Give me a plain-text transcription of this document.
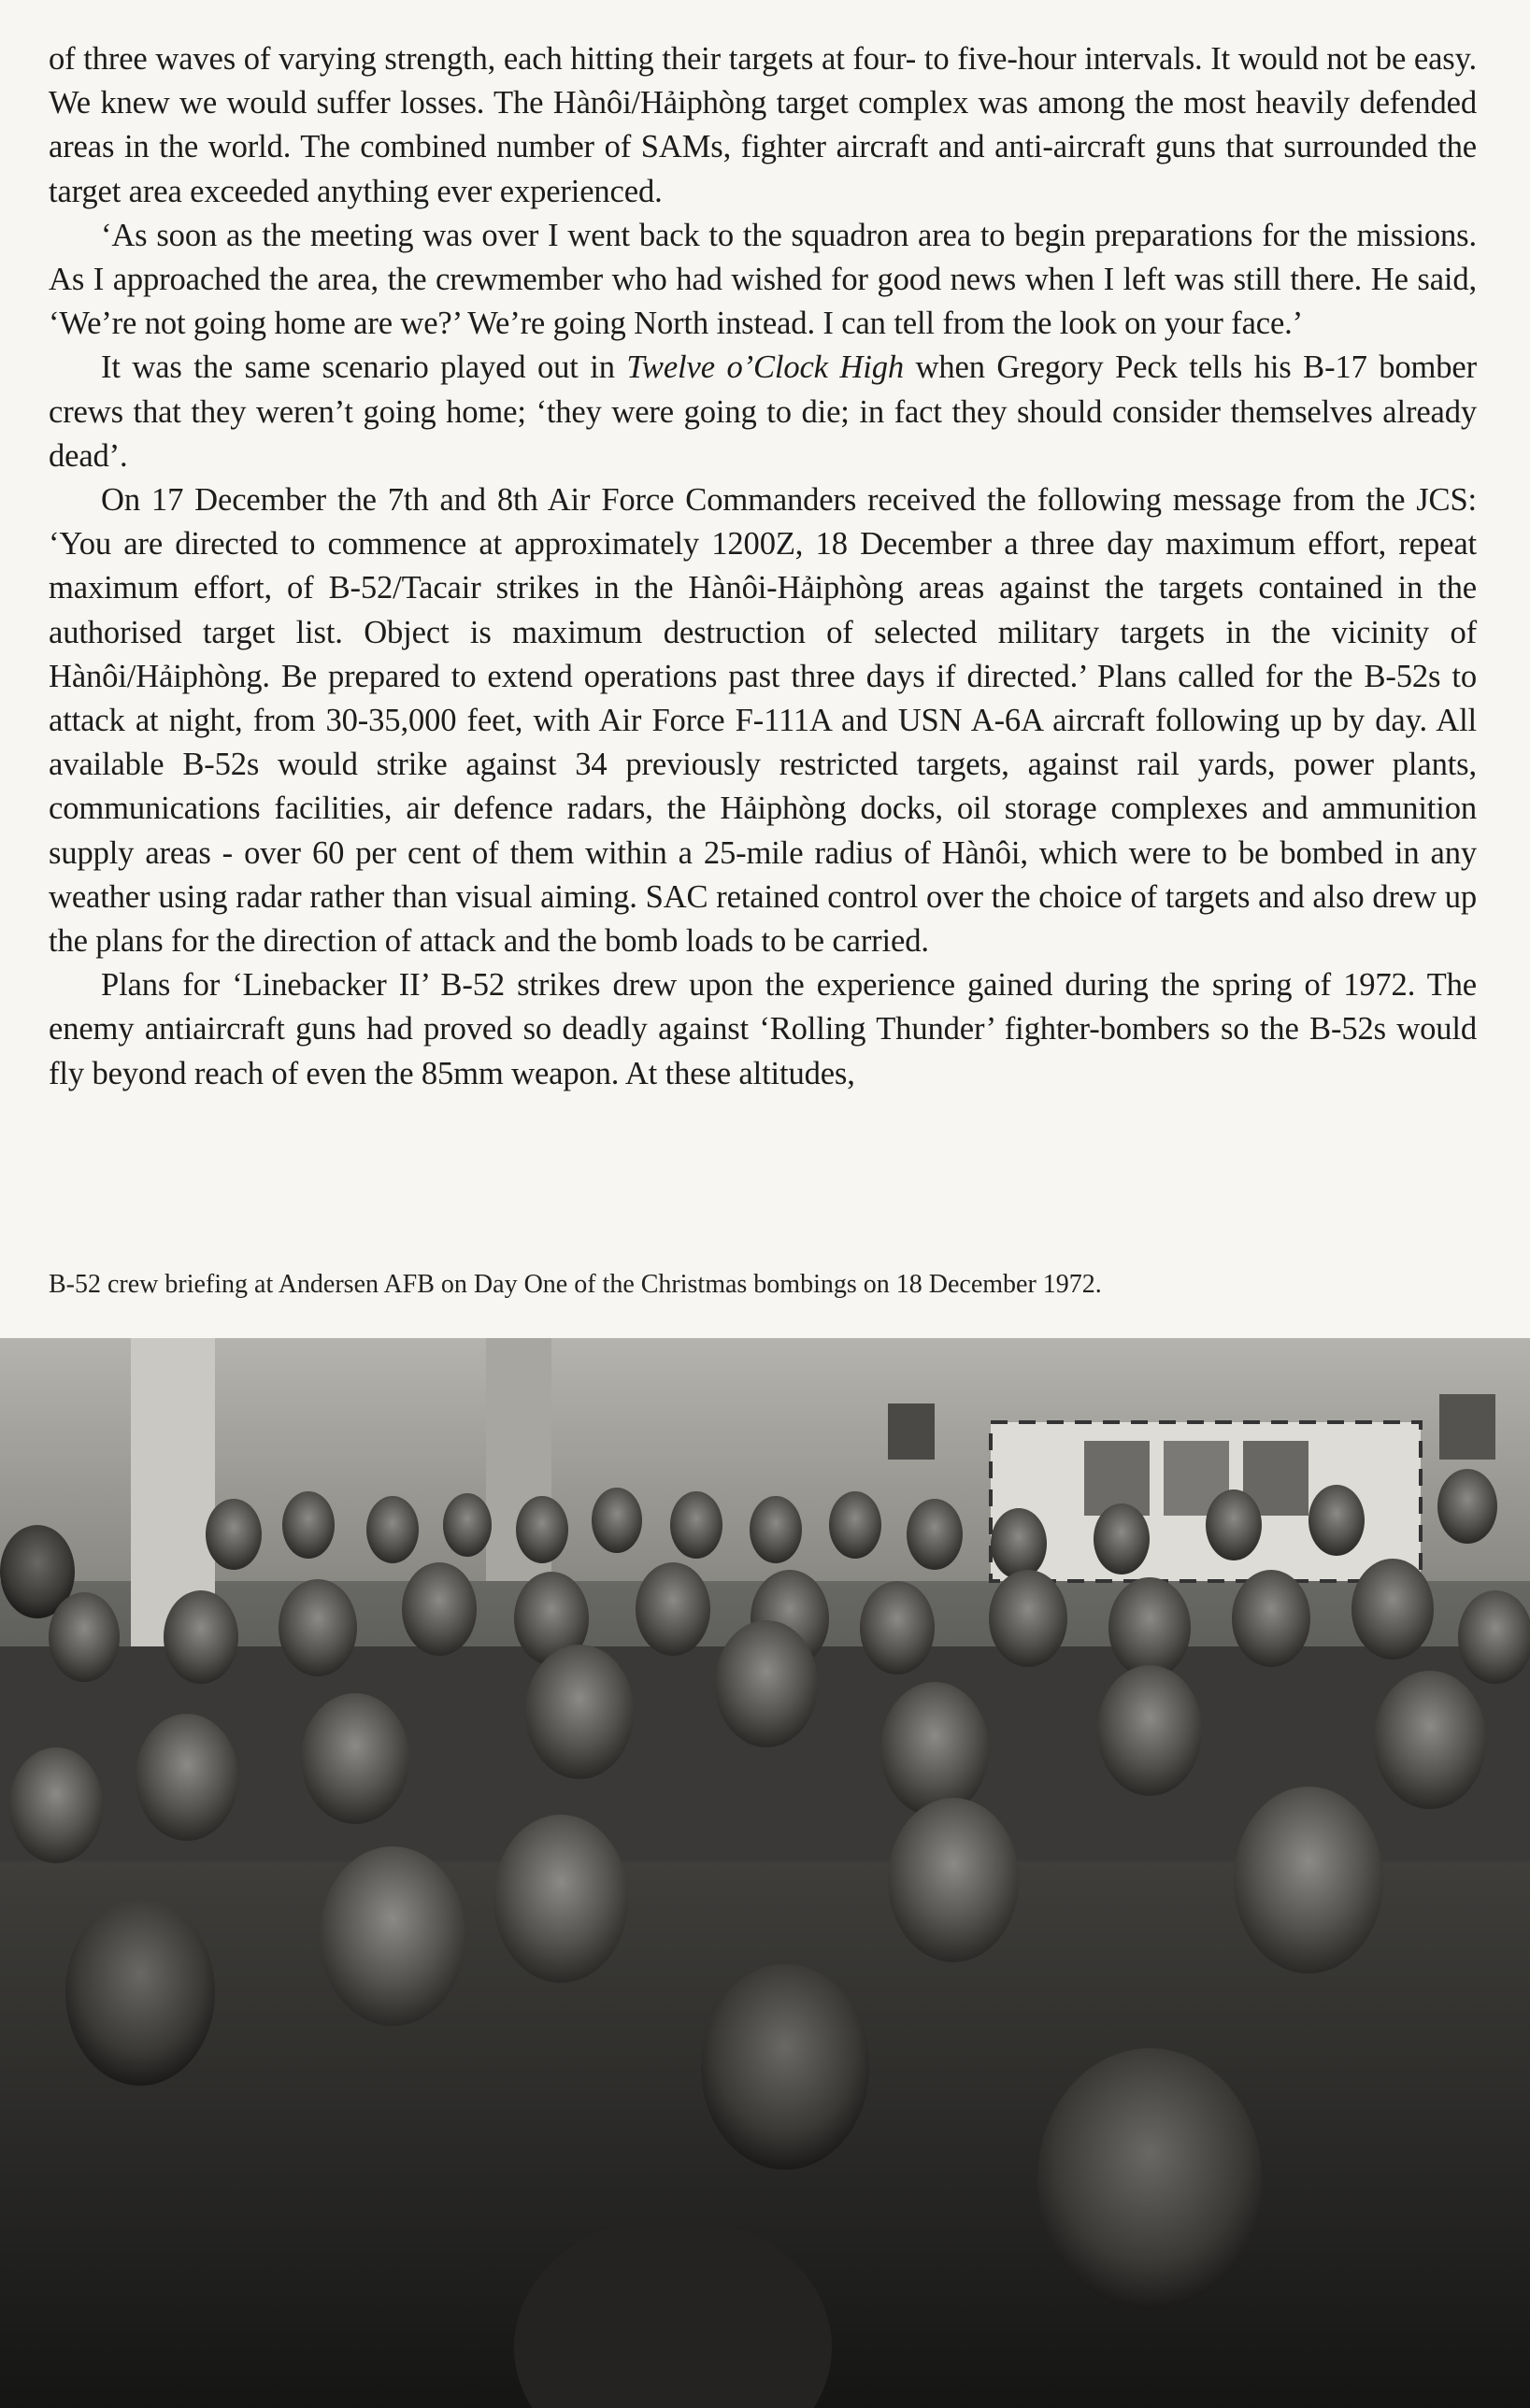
of three waves of varying strength, each hitting their targets at four- to five-hour intervals. It would not be easy. We knew we would suffer losses. The Hànôi/Hảiphòng target complex was among the most heavily defended areas in the world. The combined number of SAMs, fighter aircraft and anti-aircraft guns that surrounded the target area exceeded anything ever experienced.

‘As soon as the meeting was over I went back to the squadron area to begin preparations for the missions. As I approached the area, the crewmember who had wished for good news when I left was still there. He said, ‘We’re not going home are we?’ We’re going North instead. I can tell from the look on your face.’

It was the same scenario played out in Twelve o’Clock High when Gregory Peck tells his B-17 bomber crews that they weren’t going home; ‘they were going to die; in fact they should consider themselves already dead’.

On 17 December the 7th and 8th Air Force Commanders received the following message from the JCS: ‘You are directed to commence at approximately 1200Z, 18 December a three day maximum effort, repeat maximum effort, of B-52/Tacair strikes in the Hànôi-Hảiphòng areas against the targets contained in the authorised target list. Object is maximum destruction of selected military targets in the vicinity of Hànôi/Hảiphòng. Be prepared to extend operations past three days if directed.’ Plans called for the B-52s to attack at night, from 30-35,000 feet, with Air Force F-111A and USN A-6A aircraft following up by day. All available B-52s would strike against 34 previously restricted targets, against rail yards, power plants, communications facilities, air defence radars, the Hảiphòng docks, oil storage complexes and ammunition supply areas - over 60 per cent of them within a 25-mile radius of Hànôi, which were to be bombed in any weather using radar rather than visual aiming. SAC retained control over the choice of targets and also drew up the plans for the direction of attack and the bomb loads to be carried.

Plans for ‘Linebacker II’ B-52 strikes drew upon the experience gained during the spring of 1972. The enemy antiaircraft guns had proved so deadly against ‘Rolling Thunder’ fighter-bombers so the B-52s would fly beyond reach of even the 85mm weapon. At these altitudes,

B-52 crew briefing at Andersen AFB on Day One of the Christmas bombings on 18 December 1972.
